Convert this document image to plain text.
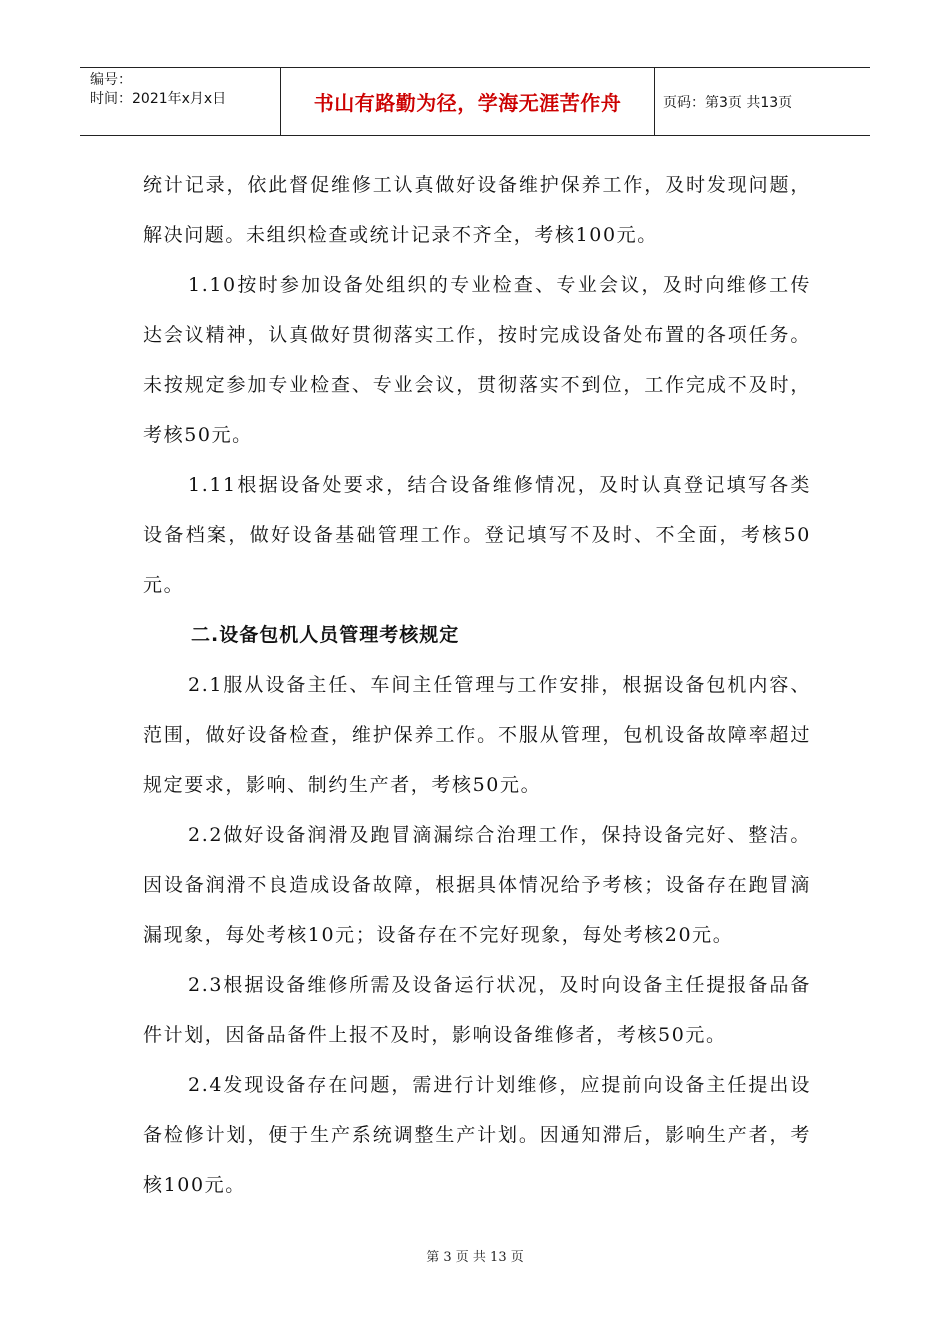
编号：
时间：2021年x月x日	书山有路勤为径，学海无涯苦作舟	页码：第3页 共13页

统计记录，依此督促维修工认真做好设备维护保养工作，及时发现问题，解决问题。未组织检查或统计记录不齐全，考核100元。

1.10按时参加设备处组织的专业检查、专业会议，及时向维修工传达会议精神，认真做好贯彻落实工作，按时完成设备处布置的各项任务。未按规定参加专业检查、专业会议，贯彻落实不到位，工作完成不及时，考核50元。

1.11根据设备处要求，结合设备维修情况，及时认真登记填写各类设备档案，做好设备基础管理工作。登记填写不及时、不全面，考核50元。

二.设备包机人员管理考核规定

2.1服从设备主任、车间主任管理与工作安排，根据设备包机内容、范围，做好设备检查，维护保养工作。不服从管理，包机设备故障率超过规定要求，影响、制约生产者，考核50元。

2.2做好设备润滑及跑冒滴漏综合治理工作，保持设备完好、整洁。因设备润滑不良造成设备故障，根据具体情况给予考核；设备存在跑冒滴漏现象，每处考核10元；设备存在不完好现象，每处考核20元。

2.3根据设备维修所需及设备运行状况，及时向设备主任提报备品备件计划，因备品备件上报不及时，影响设备维修者，考核50元。

2.4发现设备存在问题，需进行计划维修，应提前向设备主任提出设备检修计划，便于生产系统调整生产计划。因通知滞后，影响生产者，考核100元。

第 3 页 共 13 页
